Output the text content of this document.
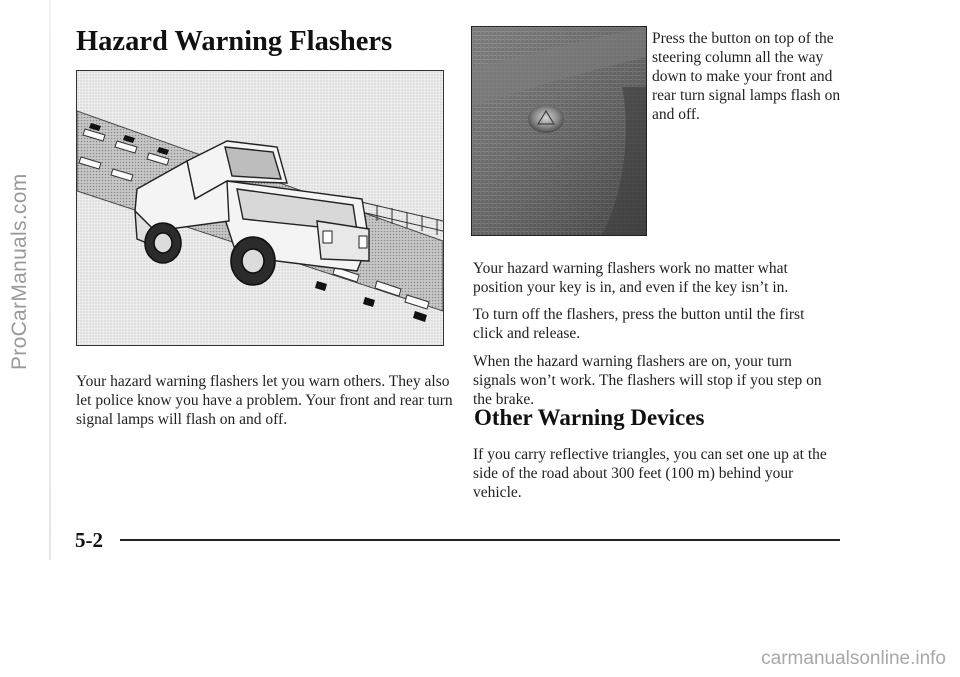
ProCarManuals.com
Hazard Warning Flashers

Your hazard warning flashers let you warn others. They also let police know you have a problem. Your front and rear turn signal lamps will flash on and off.

Press the button on top of the steering column all the way down to make your front and rear turn signal lamps flash on and off.

Your hazard warning flashers work no matter what position your key is in, and even if the key isn’t in.

To turn off the flashers, press the button until the first click and release.

When the hazard warning flashers are on, your turn signals won’t work. The flashers will stop if you step on the brake.

Other Warning Devices

If you carry reflective triangles, you can set one up at the side of the road about 300 feet (100 m) behind your vehicle.

5-2

carmanualsonline.info
